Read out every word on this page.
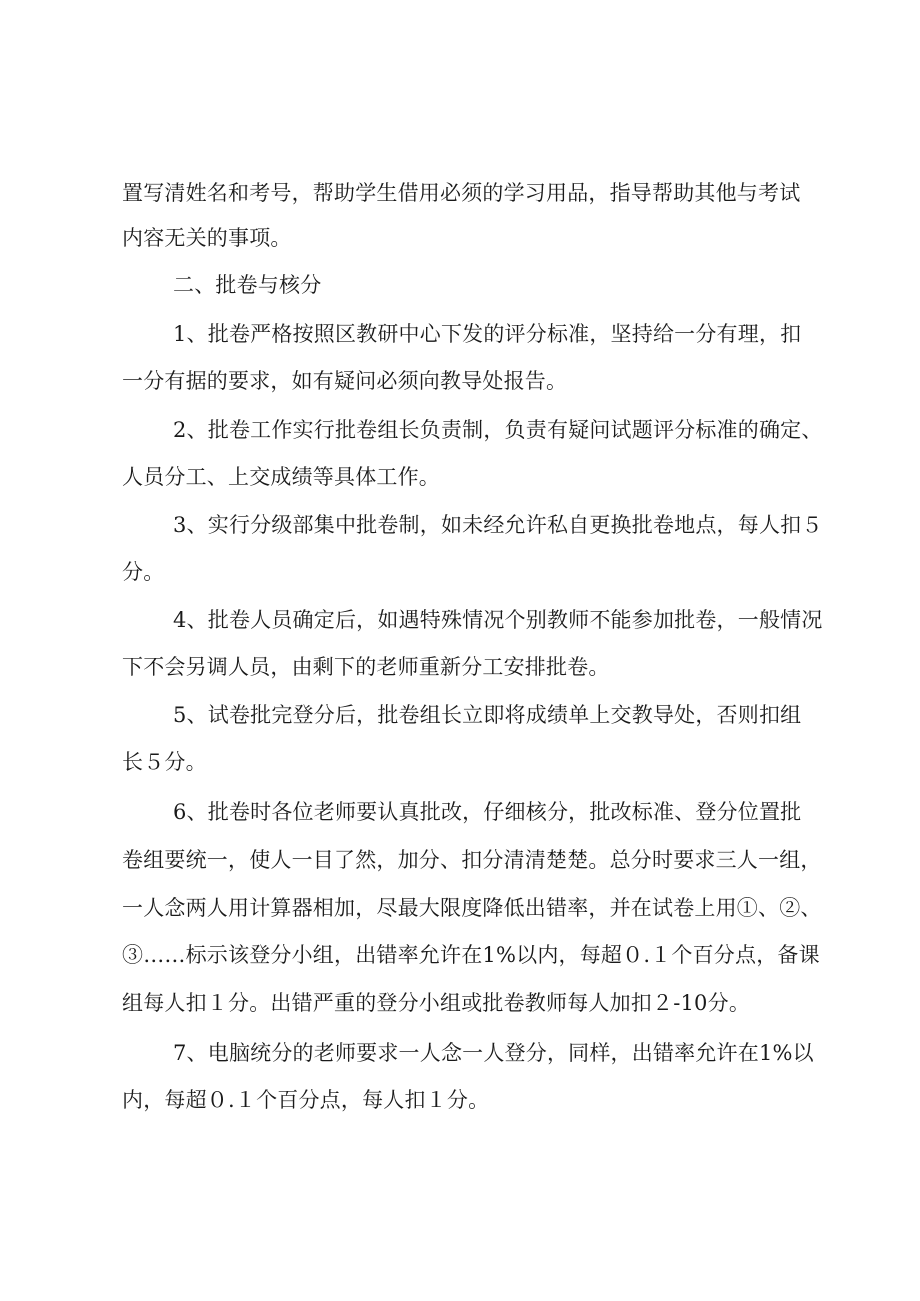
置写清姓名和考号，帮助学生借用必须的学习用品，指导帮助其他与考试

内容无关的事项。

二、批卷与核分

1、批卷严格按照区教研中心下发的评分标准，坚持给一分有理，扣

一分有据的要求，如有疑问必须向教导处报告。

2、批卷工作实行批卷组长负责制，负责有疑问试题评分标准的确定、

人员分工、上交成绩等具体工作。

3、实行分级部集中批卷制，如未经允许私自更换批卷地点，每人扣５

分。

4、批卷人员确定后，如遇特殊情况个别教师不能参加批卷，一般情况

下不会另调人员，由剩下的老师重新分工安排批卷。

5、试卷批完登分后，批卷组长立即将成绩单上交教导处，否则扣组

长５分。

6、批卷时各位老师要认真批改，仔细核分，批改标准、登分位置批

卷组要统一，使人一目了然，加分、扣分清清楚楚。总分时要求三人一组，

一人念两人用计算器相加，尽最大限度降低出错率，并在试卷上用①、②、

③……标示该登分小组，出错率允许在1%以内，每超０.１个百分点，备课

组每人扣１分。出错严重的登分小组或批卷教师每人加扣２-10分。

7、电脑统分的老师要求一人念一人登分，同样，出错率允许在1%以

内，每超０.１个百分点，每人扣１分。
